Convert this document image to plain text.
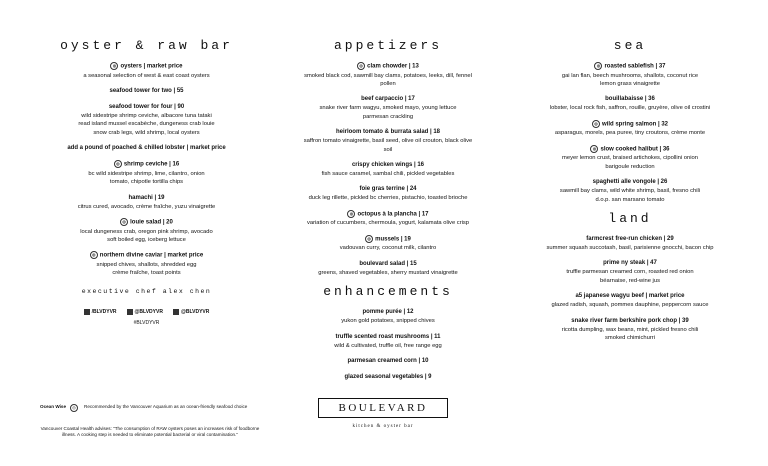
oyster & raw bar
◎ oysters | market price
a seasonal selection of west & east coast oysters
seafood tower for two | 55
seafood tower for four | 90
wild sidestripe shrimp ceviche, albacore tuna tataki
read island mussel escabèche, dungeness crab louie
snow crab legs, wild shrimp, local oysters
add a pound of poached & chilled lobster | market price
◎ shrimp ceviche | 16
bc wild sidestripe shrimp, lime, cilantro, onion
tomato, chipotle tortilla chips
hamachi | 19
citrus cured, avocado, crème fraîche, yuzu vinaigrette
◎ louie salad | 20
local dungeness crab, oregon pink shrimp, avocado
soft boiled egg, iceberg lettuce
◎ northern divine caviar | market price
snipped chives, shallots, shredded egg
crème fraîche, toast points
executive chef alex chen
/BLVDYVR	@BLVDYVR	@BLVDYVR
#BLVDYVR
appetizers
◎ clam chowder | 13
smoked black cod, sawmill bay clams, potatoes, leeks, dill, fennel
pollen
beef carpaccio | 17
snake river farm wagyu, smoked mayo, young lettuce
parmesan crackling
heirloom tomato & burrata salad | 18
saffron tomato vinaigrette, basil seed, olive oil crouton, black olive
soil
crispy chicken wings | 16
fish sauce caramel, sambal chili, pickled vegetables
foie gras terrine | 24
duck leg rillette, pickled bc cherries, pistachio, toasted brioche
◎ octopus à la plancha | 17
variation of cucumbers, chermoula, yogurt, kalamata olive crisp
◎ mussels | 19
vadouvan curry, coconut milk, cilantro
boulevard salad | 15
greens, shaved vegetables, sherry mustard vinaigrette
enhancements
pomme purée | 12
yukon gold potatoes, snipped chives
truffle scented roast mushrooms | 11
wild & cultivated, truffle oil, free range egg
parmesan creamed corn | 10
glazed seasonal vegetables | 9
sea
◎ roasted sablefish | 37
gai lan flan, beech mushrooms, shallots, coconut rice
lemon grass vinaigrette
bouillabaisse | 36
lobster, local rock fish, saffron, rouille, gruyère, olive oil crostini
◎ wild spring salmon | 32
asparagus, morels, pea puree, tiny croutons, crème monte
◎ slow cooked halibut | 36
meyer lemon crust, braised artichokes, cipollini onion
barigoule reduction
spaghetti alle vongole | 26
sawmill bay clams, wild white shrimp, basil, fresno chili
d.o.p. san marsano tomato
land
farmcrest free-run chicken | 29
summer squash succotash, basil, parisienne gnocchi, bacon chip
prime ny steak | 47
truffle parmesan creamed corn, roasted red onion
béarnaise, red-wine jus
a5 japanese wagyu beef | market price
glazed radish, squash, pommes dauphine, peppercorn sauce
snake river farm berkshire pork chop | 39
ricotta dumpling, wax beans, mint, pickled fresno chili
smoked chimichurri
Ocean Wise	◎	Recommended by the Vancouver Aquarium as an ocean-friendly seafood choice
Vancouver Coastal Health advises: "The consumption of RAW oysters poses an increases risk of foodborne illness. A cooking step is needed to eliminate potential bacterial or viral contamination."
BOULEVARD
kitchen & oyster bar
